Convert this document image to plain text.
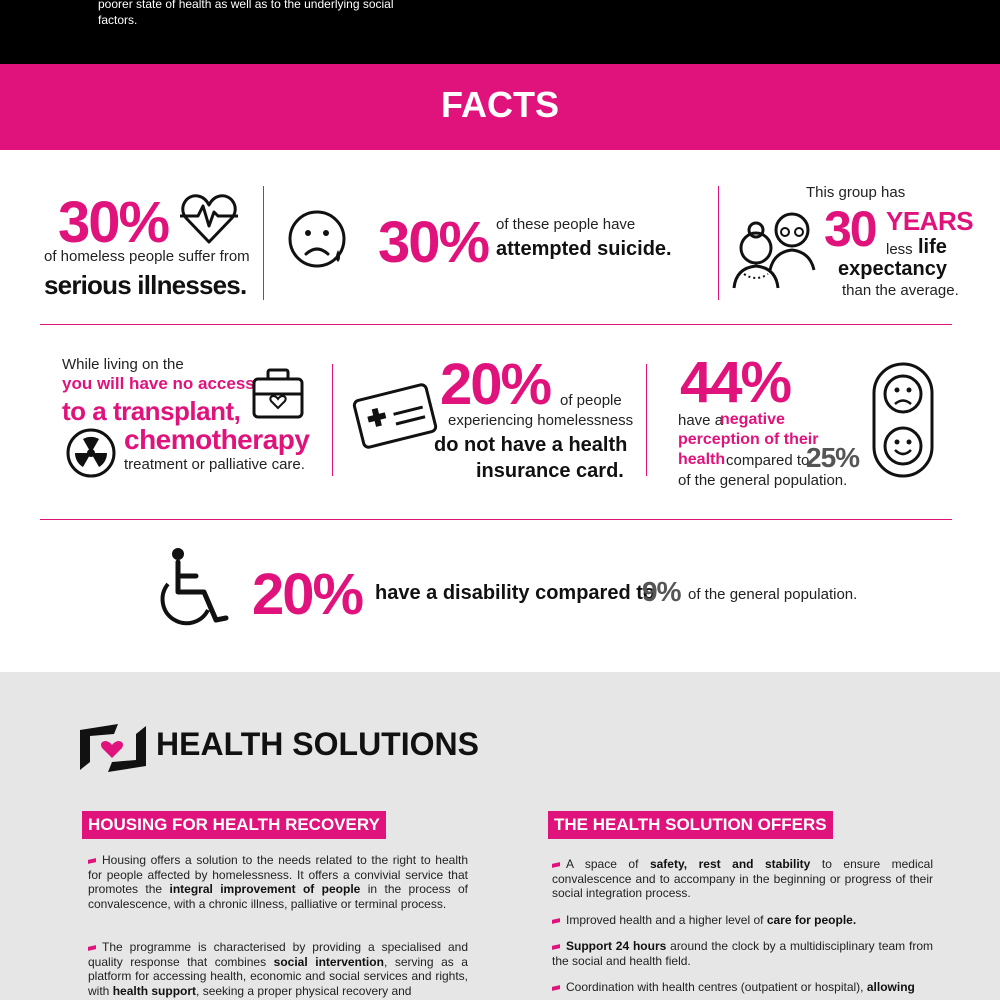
poorer state of health as well as to the underlying social
factors.
FACTS
30%
of homeless people suffer from
serious illnesses.
30% of these people have
attempted suicide.
This group has
30 YEARS
less life
expectancy
than the average.
While living on the
you will have no access
to a transplant,
chemotherapy
treatment or palliative care.
20% of people
experiencing homelessness
do not have a health
insurance card.
44%
have a
negative
perception of their
health compared to
25%
of the general population.
20% have a disability compared to
9% of the general population.
HEALTH SOLUTIONS
HOUSING FOR HEALTH RECOVERY	THE HEALTH SOLUTION OFFERS
Housing offers a solution to the needs related to the right to health for people affected by homelessness. It offers a convivial service that promotes the integral improvement of people in the process of convalescence, with a chronic illness, palliative or terminal process.
The programme is characterised by providing a specialised and quality response that combines social intervention, serving as a platform for accessing health, economic and social services and rights, with health support, seeking a proper physical recovery and
A space of safety, rest and stability to ensure medical convalescence and to accompany in the beginning or progress of their social integration process.
Improved health and a higher level of care for people.
Support 24 hours around the clock by a multidisciplinary team from the social and health field.
Coordination with health centres (outpatient or hospital), allowing
